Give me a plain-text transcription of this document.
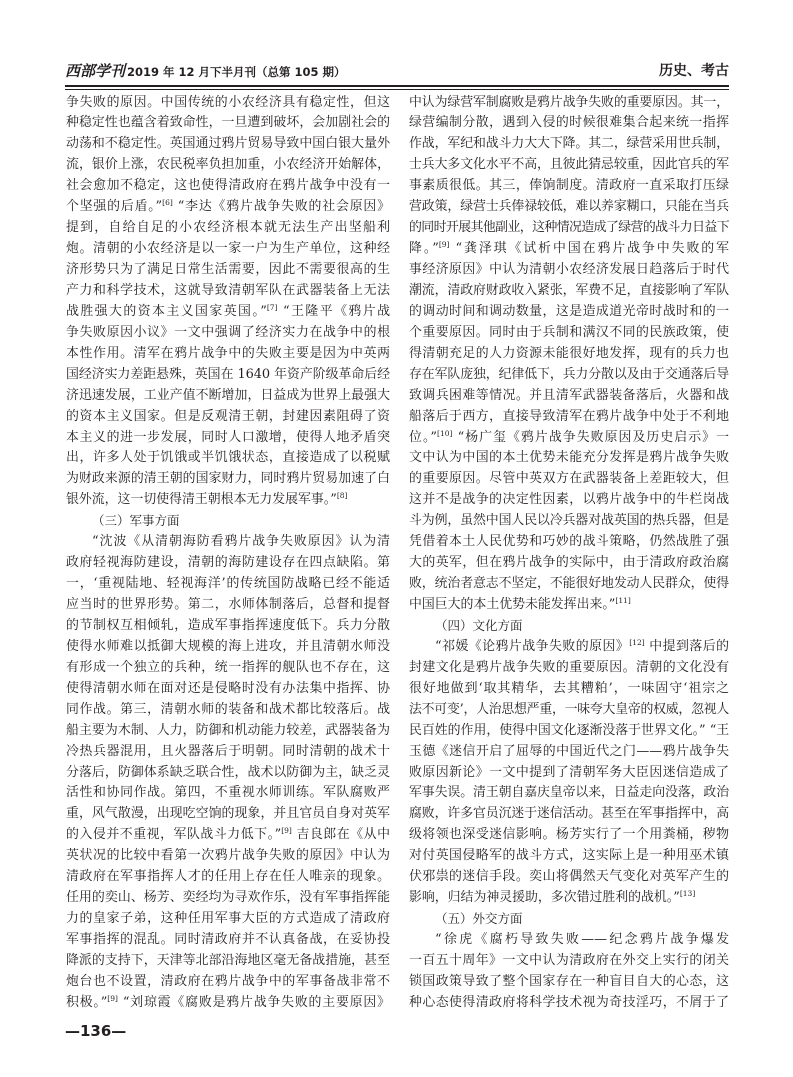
西部学刊 2019 年 12 月下半月刊（总第 105 期）	历史、考古
争失败的原因。中国传统的小农经济具有稳定性，但这
种稳定性也蕴含着致命性，一旦遭到破坏，会加剧社会的
动荡和不稳定性。英国通过鸦片贸易导致中国白银大量外
流，银价上涨，农民税率负担加重，小农经济开始解体，
社会愈加不稳定，这也使得清政府在鸦片战争中没有一
个坚强的后盾。”[6] “李达《鸦片战争失败的社会原因》
提到，自给自足的小农经济根本就无法生产出坚船利
炮。清朝的小农经济是以一家一户为生产单位，这种经
济形势只为了满足日常生活需要，因此不需要很高的生
产力和科学技术，这就导致清朝军队在武器装备上无法
战胜强大的资本主义国家英国。”[7] “王隆平《鸦片战
争失败原因小议》一文中强调了经济实力在战争中的根
本性作用。清军在鸦片战争中的失败主要是因为中英两
国经济实力差距悬殊，英国在 1640 年资产阶级革命后经
济迅速发展，工业产值不断增加，日益成为世界上最强大
的资本主义国家。但是反观清王朝，封建因素阻碍了资
本主义的进一步发展，同时人口激增，使得人地矛盾突
出，许多人处于饥饿或半饥饿状态，直接造成了以税赋
为财政来源的清王朝的国家财力，同时鸦片贸易加速了白
银外流，这一切使得清王朝根本无力发展军事。”[8]
（三）军事方面
“沈波《从清朝海防看鸦片战争失败原因》认为清
政府轻视海防建设，清朝的海防建设存在四点缺陷。第
一，‘重视陆地、轻视海洋’的传统国防战略已经不能适
应当时的世界形势。第二，水师体制落后，总督和提督
的节制权互相倾轧，造成军事指挥速度低下。兵力分散
使得水师难以抵御大规模的海上进攻，并且清朝水师没
有形成一个独立的兵种，统一指挥的舰队也不存在，这
使得清朝水师在面对还是侵略时没有办法集中指挥、协
同作战。第三，清朝水师的装备和战术都比较落后。战
船主要为木制、人力，防御和机动能力较差，武器装备为
冷热兵器混用，且火器落后于明朝。同时清朝的战术十
分落后，防御体系缺乏联合性，战术以防御为主，缺乏灵
活性和协同作战。第四，不重视水师训练。军队腐败严
重，风气散漫，出现吃空饷的现象，并且官员自身对英军
的入侵并不重视，军队战斗力低下。”[9] 吉良郎在《从中
英状况的比较中看第一次鸦片战争失败的原因》中认为
清政府在军事指挥人才的任用上存在任人唯亲的现象。
任用的奕山、杨芳、奕经均为寻欢作乐，没有军事指挥能
力的皇家子弟，这种任用军事大臣的方式造成了清政府
军事指挥的混乱。同时清政府并不认真备战，在妥协投
降派的支持下，天津等北部沿海地区毫无备战措施，甚至
炮台也不设置，清政府在鸦片战争中的军事备战非常不
积极。”[9] “刘琼霞《腐败是鸦片战争失败的主要原因》
中认为绿营军制腐败是鸦片战争失败的重要原因。其一，
绿营编制分散，遇到入侵的时候很难集合起来统一指挥
作战，军纪和战斗力大大下降。其二，绿营采用世兵制，
士兵大多文化水平不高，且彼此猜忌较重，因此官兵的军
事素质很低。其三，俸饷制度。清政府一直采取打压绿
营政策，绿营士兵俸禄较低，难以养家糊口，只能在当兵
的同时开展其他副业，这种情况造成了绿营的战斗力日益下
降。”[9] “龚泽琪《试析中国在鸦片战争中失败的军
事经济原因》中认为清朝小农经济发展日趋落后于时代
潮流，清政府财政收入紧张，军费不足，直接影响了军队
的调动时间和调动数量，这是造成道光帝时战时和的一
个重要原因。同时由于兵制和满汉不同的民族政策，使
得清朝充足的人力资源未能很好地发挥，现有的兵力也
存在军队庞独，纪律低下，兵力分散以及由于交通落后导
致调兵困难等情况。并且清军武器装备落后，火器和战
船落后于西方，直接导致清军在鸦片战争中处于不利地
位。”[10] “杨广玺《鸦片战争失败原因及历史启示》一
文中认为中国的本土优势未能充分发挥是鸦片战争失败
的重要原因。尽管中英双方在武器装备上差距较大，但
这并不是战争的决定性因素，以鸦片战争中的牛栏岗战
斗为例，虽然中国人民以冷兵器对战英国的热兵器，但是
凭借着本土人民优势和巧妙的战斗策略，仍然战胜了强
大的英军，但在鸦片战争的实际中，由于清政府政治腐
败，统治者意志不坚定，不能很好地发动人民群众，使得
中国巨大的本土优势未能发挥出来。”[11]
（四）文化方面
“祁媛《论鸦片战争失败的原因》[12] 中提到落后的
封建文化是鸦片战争失败的重要原因。清朝的文化没有
很好地做到‘取其精华，去其糟粕’，一味固守‘祖宗之
法不可变’，人治思想严重，一味夸大皇帝的权威，忽视人
民百姓的作用，使得中国文化逐渐没落于世界文化。” “王
玉德《迷信开启了屈辱的中国近代之门——鸦片战争失
败原因新论》一文中提到了清朝军务大臣因迷信造成了
军事失误。清王朝自嘉庆皇帝以来，日益走向没落，政治
腐败，许多官员沉迷于迷信活动。甚至在军事指挥中，高
级将领也深受迷信影响。杨芳实行了一个用粪桶，秽物
对付英国侵略军的战斗方式，这实际上是一种用巫术镇
伏邪祟的迷信手段。奕山将偶然天气变化对英军产生的
影响，归结为神灵援助，多次错过胜利的战机。”[13]
（五）外交方面
“徐虎《腐朽导致失败——纪念鸦片战争爆发
一百五十周年》一文中认为清政府在外交上实行的闭关
锁国政策导致了整个国家存在一种盲目自大的心态，这
种心态使得清政府将科学技术视为奇技淫巧，不屑于了
—136—
